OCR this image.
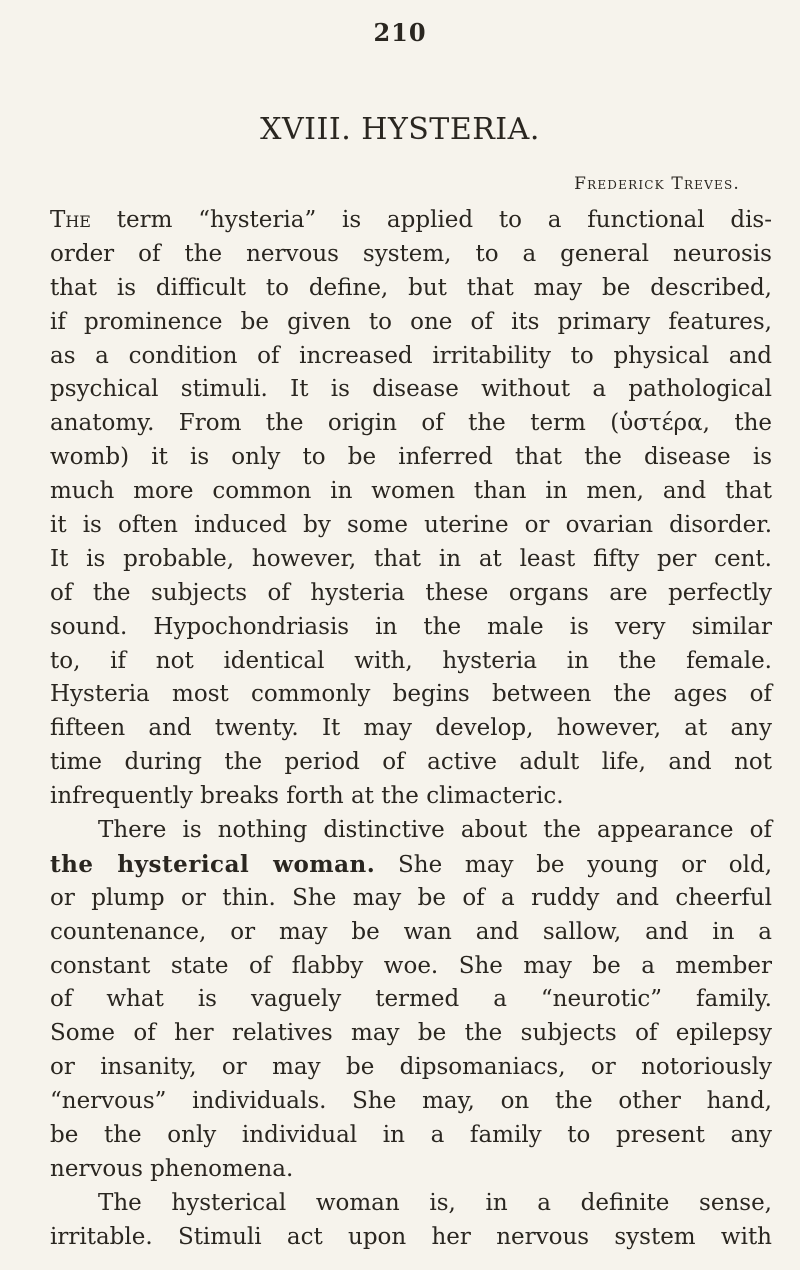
210
XVIII. HYSTERIA.
Frederick Treves.
The term “hysteria” is applied to a functional dis-
order of the nervous system, to a general neurosis
that is difficult to define, but that may be described,
if prominence be given to one of its primary features,
as a condition of increased irritability to physical and
psychical stimuli. It is disease without a pathological
anatomy. From the origin of the term (ὑστέρα, the
womb) it is only to be inferred that the disease is
much more common in women than in men, and that
it is often induced by some uterine or ovarian disorder.
It is probable, however, that in at least fifty per cent.
of the subjects of hysteria these organs are perfectly
sound. Hypochondriasis in the male is very similar
to, if not identical with, hysteria in the female.
Hysteria most commonly begins between the ages of
fifteen and twenty. It may develop, however, at any
time during the period of active adult life, and not
infrequently breaks forth at the climacteric.
There is nothing distinctive about the appearance of
the hysterical woman. She may be young or old,
or plump or thin. She may be of a ruddy and cheerful
countenance, or may be wan and sallow, and in a
constant state of flabby woe. She may be a member
of what is vaguely termed a “neurotic” family.
Some of her relatives may be the subjects of epilepsy
or insanity, or may be dipsomaniacs, or notoriously
“nervous” individuals. She may, on the other hand,
be the only individual in a family to present any
nervous phenomena.
The hysterical woman is, in a definite sense,
irritable. Stimuli act upon her nervous system with
